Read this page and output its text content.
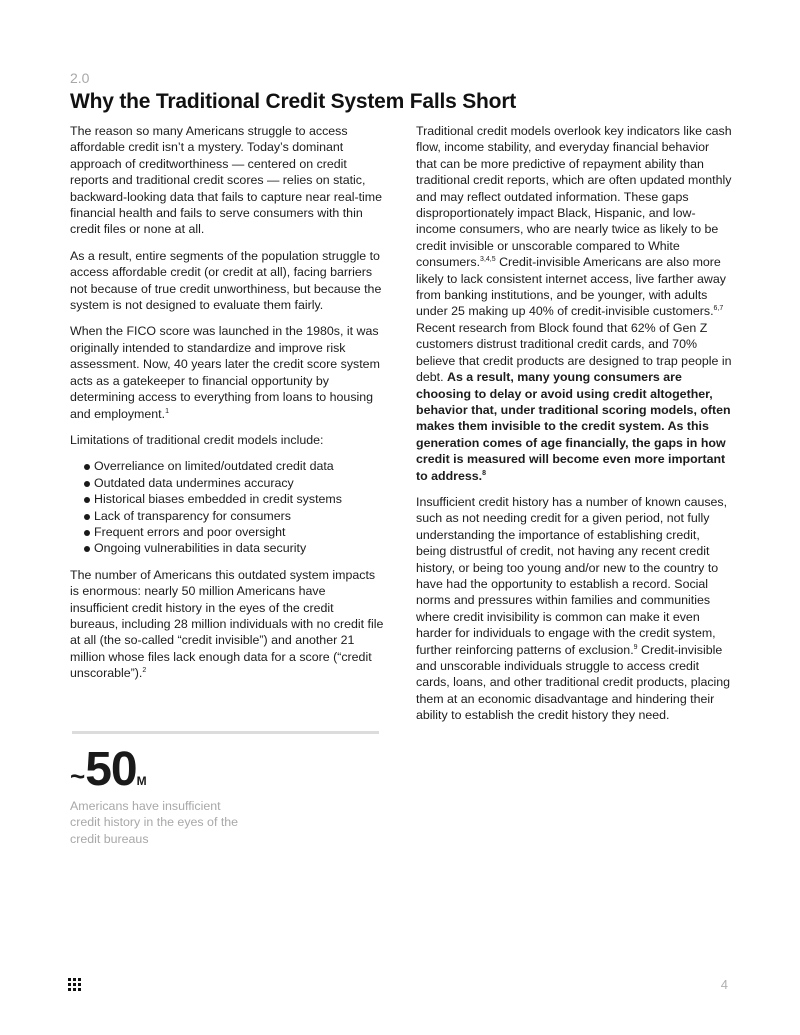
2.0
Why the Traditional Credit System Falls Short

The reason so many Americans struggle to access affordable credit isn’t a mystery. Today’s dominant approach of creditworthiness — centered on credit reports and traditional credit scores — relies on static, backward-looking data that fails to capture near real-time financial health and fails to serve consumers with thin credit files or none at all.

As a result, entire segments of the population struggle to access affordable credit (or credit at all), facing barriers not because of true credit unworthiness, but because the system is not designed to evaluate them fairly.

When the FICO score was launched in the 1980s, it was originally intended to standardize and improve risk assessment. Now, 40 years later the credit score system acts as a gatekeeper to financial opportunity by determining access to everything from loans to housing and employment.$^1$

Limitations of traditional credit models include:

Overreliance on limited/outdated credit data
Outdated data undermines accuracy
Historical biases embedded in credit systems
Lack of transparency for consumers
Frequent errors and poor oversight
Ongoing vulnerabilities in data security

The number of Americans this outdated system impacts is enormous: nearly 50 million Americans have insufficient credit history in the eyes of the credit bureaus, including 28 million individuals with no credit file at all (the so-called “credit invisible”) and another 21 million whose files lack enough data for a score (“credit unscorable”).$^2$

Traditional credit models overlook key indicators like cash flow, income stability, and everyday financial behavior that can be more predictive of repayment ability than traditional credit reports, which are often updated monthly and may reflect outdated information. These gaps disproportionately impact Black, Hispanic, and low-income consumers, who are nearly twice as likely to be credit invisible or unscorable compared to White consumers.$^{3,4,5}$ Credit-invisible Americans are also more likely to lack consistent internet access, live farther away from banking institutions, and be younger, with adults under 25 making up 40% of credit-invisible customers.$^{6,7}$ Recent research from Block found that 62% of Gen Z customers distrust traditional credit cards, and 70% believe that credit products are designed to trap people in debt. As a result, many young consumers are choosing to delay or avoid using credit altogether, behavior that, under traditional scoring models, often makes them invisible to the credit system. As this generation comes of age financially, the gaps in how credit is measured will become even more important to address.$^8$

Insufficient credit history has a number of known causes, such as not needing credit for a given period, not fully understanding the importance of establishing credit, being distrustful of credit, not having any recent credit history, or being too young and/or new to the country to have had the opportunity to establish a record. Social norms and pressures within families and communities where credit invisibility is common can make it even harder for individuals to engage with the credit system, further reinforcing patterns of exclusion.$^9$ Credit-invisible and unscorable individuals struggle to access credit cards, loans, and other traditional credit products, placing them at an economic disadvantage and hindering their ability to establish the credit history they need.

~50M
Americans have insufficient credit history in the eyes of the credit bureaus
4
